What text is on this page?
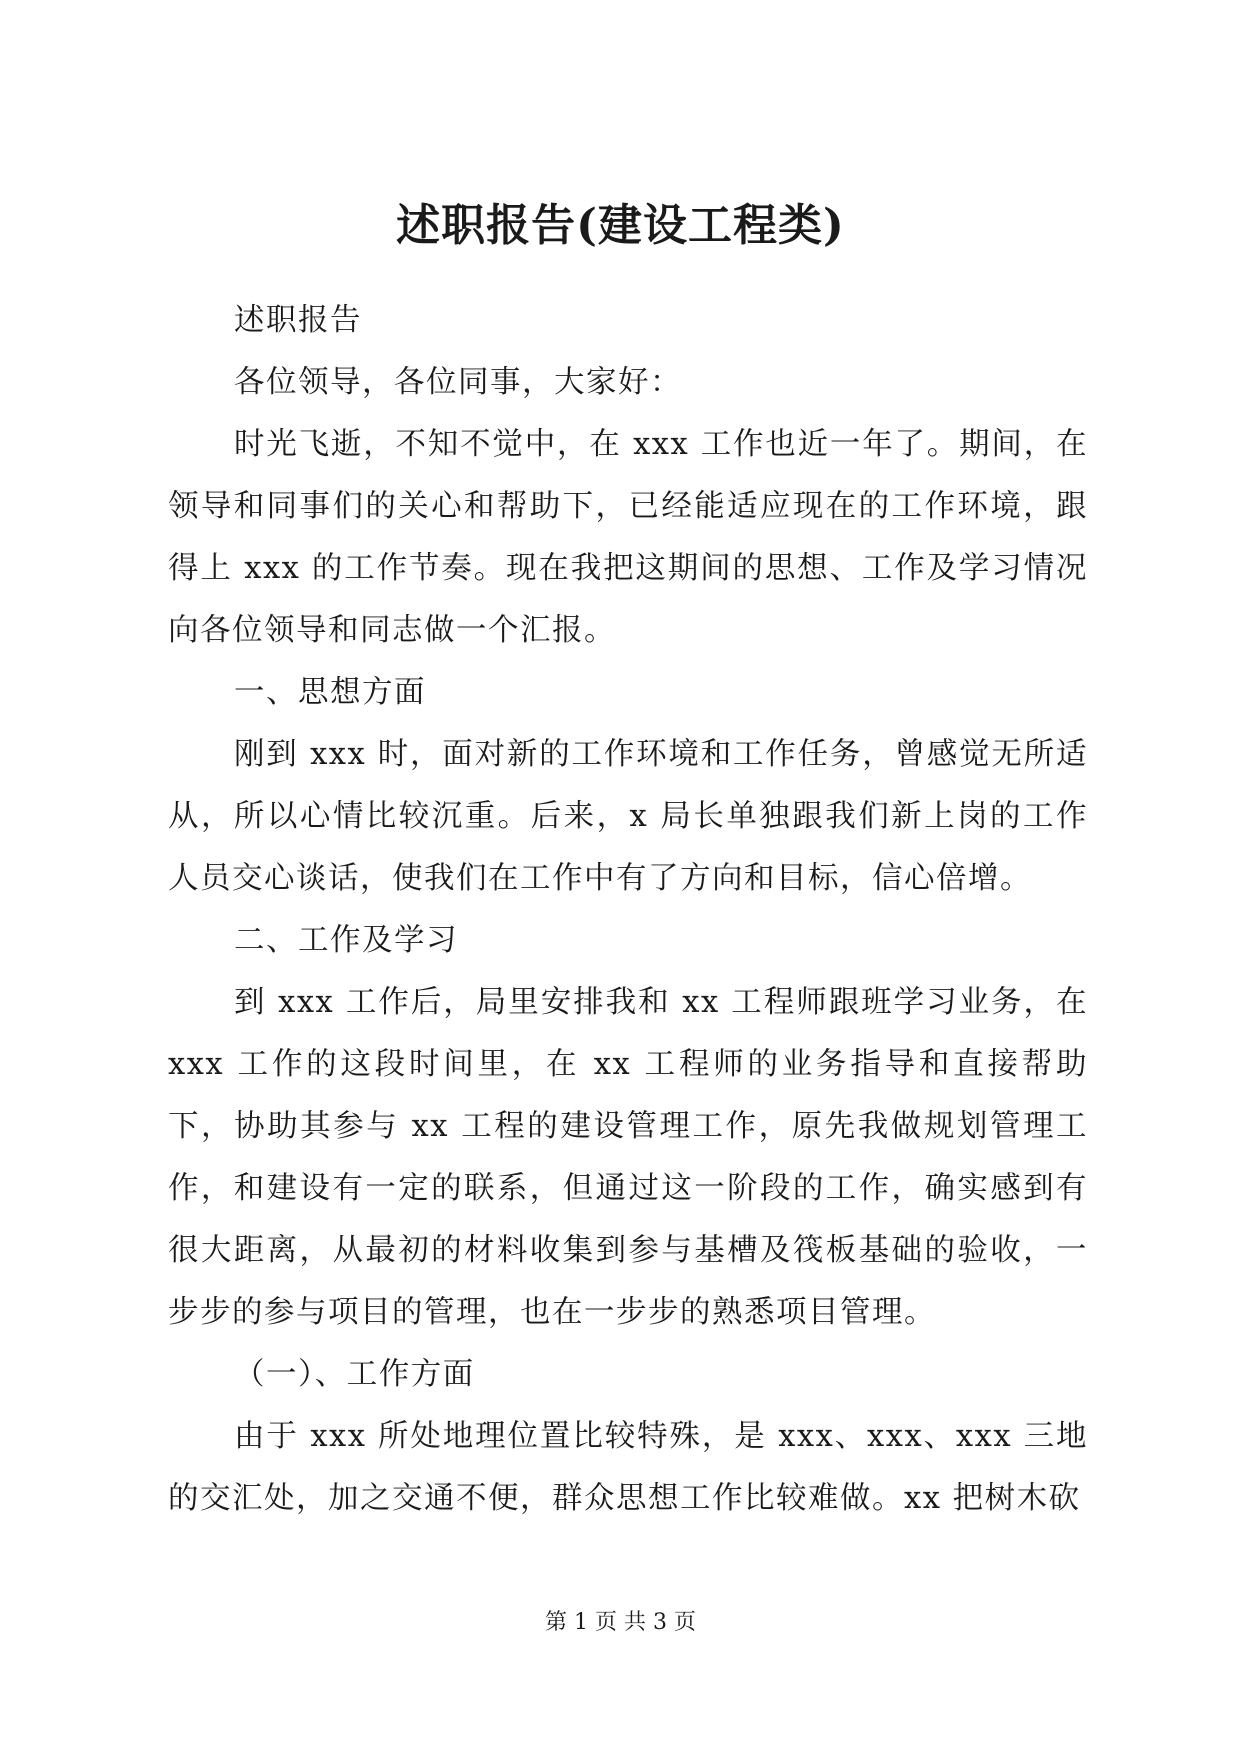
述职报告(建设工程类)

述职报告

各位领导，各位同事，大家好：

时光飞逝，不知不觉中，在 xxx 工作也近一年了。期间，在领导和同事们的关心和帮助下，已经能适应现在的工作环境，跟得上 xxx 的工作节奏。现在我把这期间的思想、工作及学习情况向各位领导和同志做一个汇报。

一、思想方面

刚到 xxx 时，面对新的工作环境和工作任务，曾感觉无所适从，所以心情比较沉重。后来，x 局长单独跟我们新上岗的工作人员交心谈话，使我们在工作中有了方向和目标，信心倍增。

二、工作及学习

到 xxx 工作后，局里安排我和 xx 工程师跟班学习业务，在 xxx 工作的这段时间里，在 xx 工程师的业务指导和直接帮助下，协助其参与 xx 工程的建设管理工作，原先我做规划管理工作，和建设有一定的联系，但通过这一阶段的工作，确实感到有很大距离，从最初的材料收集到参与基槽及筏板基础的验收，一步步的参与项目的管理，也在一步步的熟悉项目管理。

（一）、工作方面

由于 xxx 所处地理位置比较特殊，是 xxx、xxx、xxx 三地的交汇处，加之交通不便，群众思想工作比较难做。xx 把树木砍

第 1 页 共 3 页
